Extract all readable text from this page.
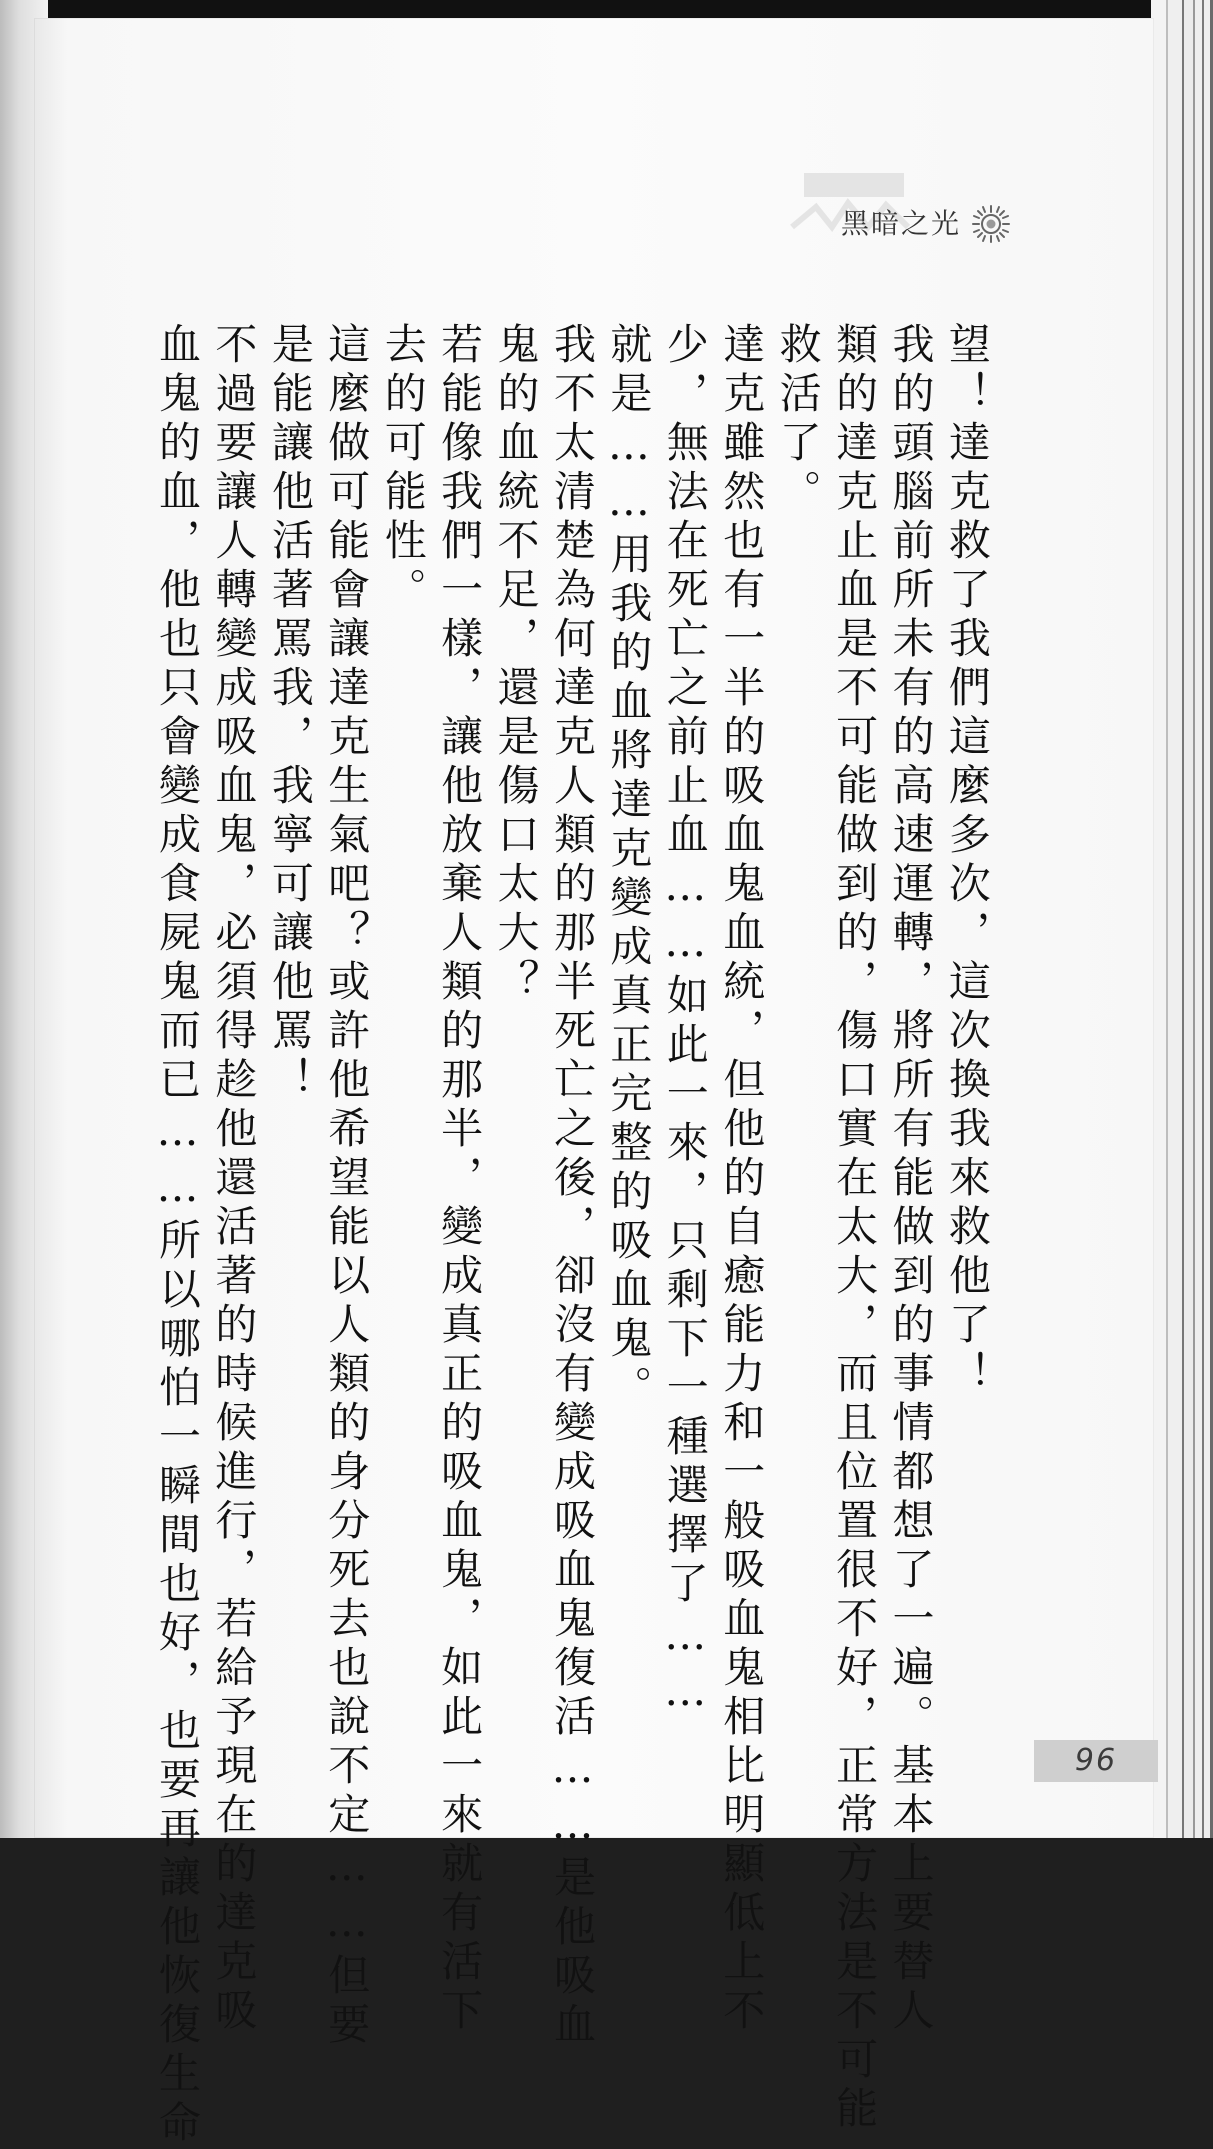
黑暗之光
望！達克救了我們這麼多次，這次換我來救他了！
我的頭腦前所未有的高速運轉，將所有能做到的事情都想了一遍。基本上要替人
類的達克止血是不可能做到的，傷口實在太大，而且位置很不好，正常方法是不可能
救活了。
達克雖然也有一半的吸血鬼血統，但他的自癒能力和一般吸血鬼相比明顯低上不
少，無法在死亡之前止血……如此一來，只剩下一種選擇了……
就是……用我的血將達克變成真正完整的吸血鬼。
我不太清楚為何達克人類的那半死亡之後，卻沒有變成吸血鬼復活……是他吸血
鬼的血統不足，還是傷口太大？
若能像我們一樣，讓他放棄人類的那半，變成真正的吸血鬼，如此一來就有活下
去的可能性。
這麼做可能會讓達克生氣吧？或許他希望能以人類的身分死去也說不定……但要
是能讓他活著罵我，我寧可讓他罵！
不過要讓人轉變成吸血鬼，必須得趁他還活著的時候進行，若給予現在的達克吸
血鬼的血，他也只會變成食屍鬼而已……所以哪怕一瞬間也好，也要再讓他恢復生命	96
